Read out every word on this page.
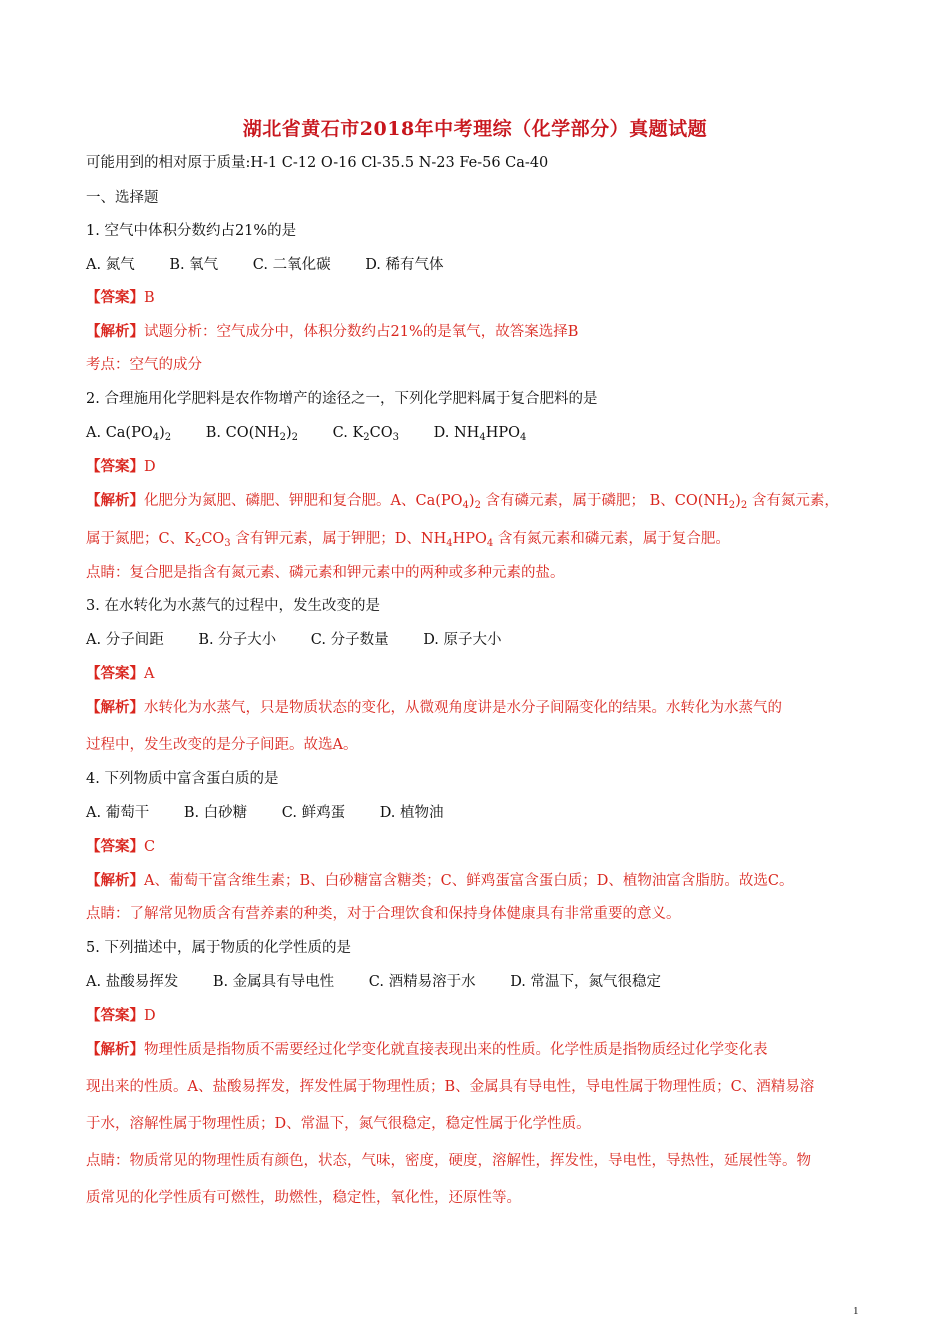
湖北省黄石市2018年中考理综（化学部分）真题试题
可能用到的相对原于质量:H-1 C-12 O-16 Cl-35.5 N-23 Fe-56 Ca-40
一、选择题
1. 空气中体积分数约占21%的是
A. 氮气 B. 氧气 C. 二氧化碳 D. 稀有气体
【答案】B
【解析】试题分析：空气成分中，体积分数约占21%的是氧气，故答案选择B
考点：空气的成分
2. 合理施用化学肥料是农作物增产的途径之一，下列化学肥料属于复合肥料的是
A. $Ca(PO_4)_2$ B. $CO(NH_2)_2$ C. $K_2CO_3$ D. $NH_4HPO_4$
【答案】D
【解析】化肥分为氮肥、磷肥、钾肥和复合肥。A、$Ca(PO_4)_2$ 含有磷元素，属于磷肥； B、$CO(NH_2)_2$ 含有氮元素，
属于氮肥；C、$K_2CO_3$ 含有钾元素，属于钾肥；D、$NH_4HPO_4$ 含有氮元素和磷元素，属于复合肥。
点睛：复合肥是指含有氮元素、磷元素和钾元素中的两种或多种元素的盐。
3. 在水转化为水蒸气的过程中，发生改变的是
A. 分子间距 B. 分子大小 C. 分子数量 D. 原子大小
【答案】A
【解析】水转化为水蒸气，只是物质状态的变化，从微观角度讲是水分子间隔变化的结果。水转化为水蒸气的
过程中，发生改变的是分子间距。故选A。
4. 下列物质中富含蛋白质的是
A. 葡萄干 B. 白砂糖 C. 鲜鸡蛋 D. 植物油
【答案】C
【解析】A、葡萄干富含维生素；B、白砂糖富含糖类；C、鲜鸡蛋富含蛋白质；D、植物油富含脂肪。故选C。
点睛：了解常见物质含有营养素的种类，对于合理饮食和保持身体健康具有非常重要的意义。
5. 下列描述中，属于物质的化学性质的是
A. 盐酸易挥发 B. 金属具有导电性 C. 酒精易溶于水 D. 常温下，氮气很稳定
【答案】D
【解析】物理性质是指物质不需要经过化学变化就直接表现出来的性质。化学性质是指物质经过化学变化表
现出来的性质。A、盐酸易挥发，挥发性属于物理性质；B、金属具有导电性，导电性属于物理性质；C、酒精易溶
于水，溶解性属于物理性质；D、常温下，氮气很稳定，稳定性属于化学性质。
点睛：物质常见的物理性质有颜色，状态，气味，密度，硬度，溶解性，挥发性，导电性，导热性，延展性等。物
质常见的化学性质有可燃性，助燃性，稳定性，氧化性，还原性等。
1
